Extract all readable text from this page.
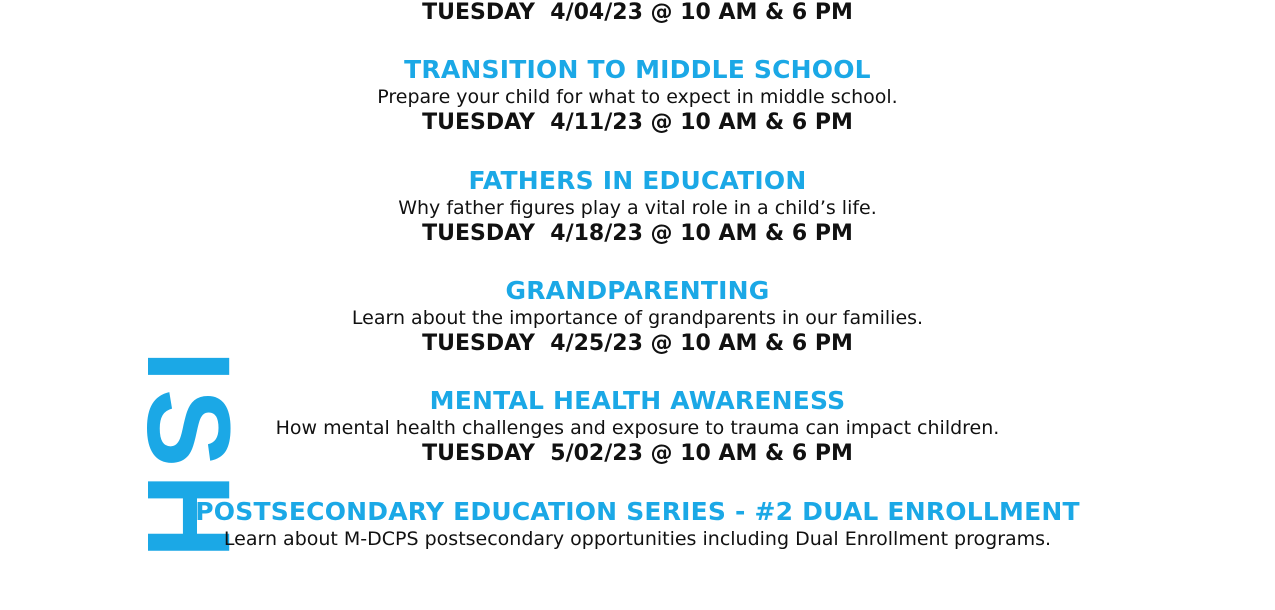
ISH
TUESDAY  4/04/23 @ 10 AM & 6 PM
TRANSITION TO MIDDLE SCHOOL
Prepare your child for what to expect in middle school.
TUESDAY  4/11/23 @ 10 AM & 6 PM
FATHERS IN EDUCATION
Why father figures play a vital role in a child’s life.
TUESDAY  4/18/23 @ 10 AM & 6 PM
GRANDPARENTING
Learn about the importance of grandparents in our families.
TUESDAY  4/25/23 @ 10 AM & 6 PM
MENTAL HEALTH AWARENESS
How mental health challenges and exposure to trauma can impact children.
TUESDAY  5/02/23 @ 10 AM & 6 PM
POSTSECONDARY EDUCATION SERIES - #2 DUAL ENROLLMENT
Learn about M-DCPS postsecondary opportunities including Dual Enrollment programs.
